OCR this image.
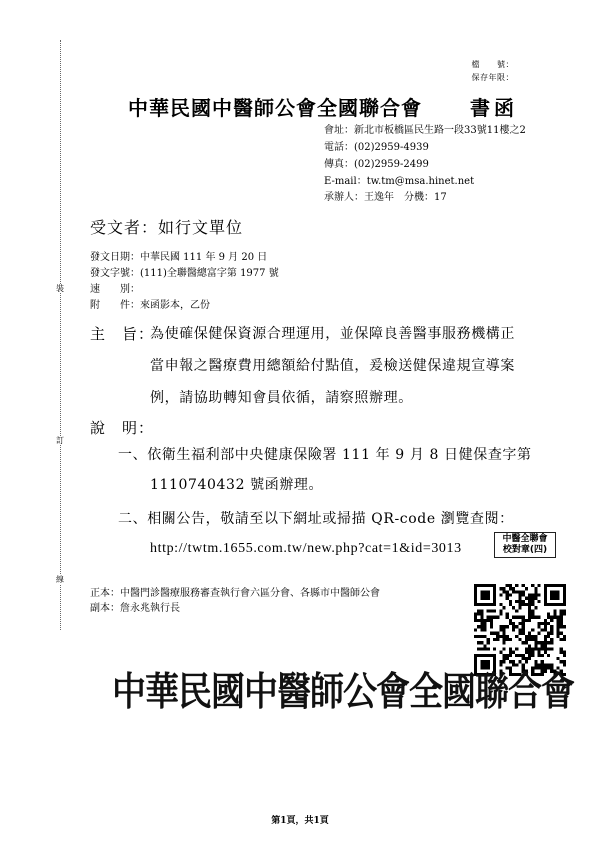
裝
訂
線
檔　　號：
保存年限：
中華民國中醫師公會全國聯合會 書函
會址：新北市板橋區民生路一段33號11樓之2
電話：(02)2959-4939
傳真：(02)2959-2499
E-mail：tw.tm@msa.hinet.net
承辦人：王逸年　分機：17
受文者：如行文單位
發文日期：中華民國 111 年 9 月 20 日
發文字號：(111)全聯醫總富字第 1977 號
速　　別：
附　　件：來函影本，乙份
主　旨：
為使確保健保資源合理運用，並保障良善醫事服務機構正
當申報之醫療費用總額給付點值，爰檢送健保違規宣導案
例，請協助轉知會員依循，請察照辦理。
說　明：
一、依衛生福利部中央健康保險署 111 年 9 月 8 日健保查字第
1110740432 號函辦理。
二、相關公告，敬請至以下網址或掃描 QR-code 瀏覽查閱：
http://twtm.1655.com.tw/new.php?cat=1&id=3013
中醫全聯會
校對章(四)
正本：中醫門診醫療服務審查執行會六區分會、各縣市中醫師公會
副本：詹永兆執行長
中華民國中醫師公會全國聯合會
第1頁，共1頁
